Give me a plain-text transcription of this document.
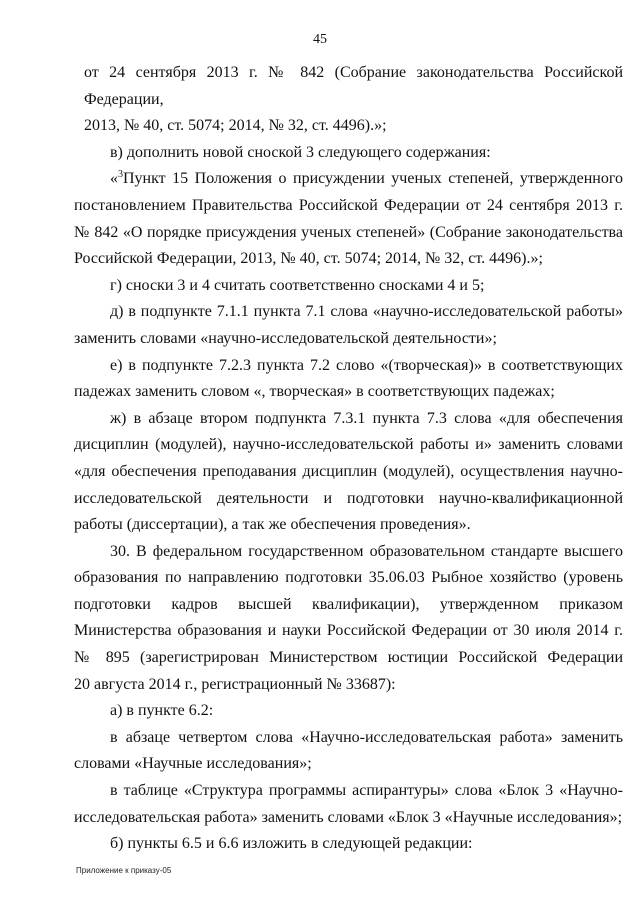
45

от 24 сентября 2013 г. № 842 (Собрание законодательства Российской Федерации,

2013, № 40, ст. 5074; 2014, № 32, ст. 4496).»;

в) дополнить новой сноской 3 следующего содержания:

«$^3$Пункт 15 Положения о присуждении ученых степеней, утвержденного постановлением Правительства Российской Федерации от 24 сентября 2013 г. № 842 «О порядке присуждения ученых степеней» (Собрание законодательства Российской Федерации, 2013, № 40, ст. 5074; 2014, № 32, ст. 4496).»;

г) сноски 3 и 4 считать соответственно сносками 4 и 5;

д) в подпункте 7.1.1 пункта 7.1 слова «научно-исследовательской работы» заменить словами «научно-исследовательской деятельности»;

е) в подпункте 7.2.3 пункта 7.2 слово «(творческая)» в соответствующих падежах заменить словом «, творческая» в соответствующих падежах;

ж) в абзаце втором подпункта 7.3.1 пункта 7.3 слова «для обеспечения дисциплин (модулей), научно-исследовательской работы и» заменить словами «для обеспечения преподавания дисциплин (модулей), осуществления научно-исследовательской деятельности и подготовки научно-квалификационной работы (диссертации), а так же обеспечения проведения».

30. В федеральном государственном образовательном стандарте высшего образования по направлению подготовки 35.06.03 Рыбное хозяйство (уровень подготовки кадров высшей квалификации), утвержденном приказом Министерства образования и науки Российской Федерации от 30 июля 2014 г. № 895 (зарегистрирован Министерством юстиции Российской Федерации

20 августа 2014 г., регистрационный № 33687):

а) в пункте 6.2:

в абзаце четвертом слова «Научно-исследовательская работа» заменить словами «Научные исследования»;

в таблице «Структура программы аспирантуры» слова «Блок 3 «Научно-исследовательская работа» заменить словами «Блок 3 «Научные исследования»;

б) пункты 6.5 и 6.6 изложить в следующей редакции:

Приложение к приказу-05
